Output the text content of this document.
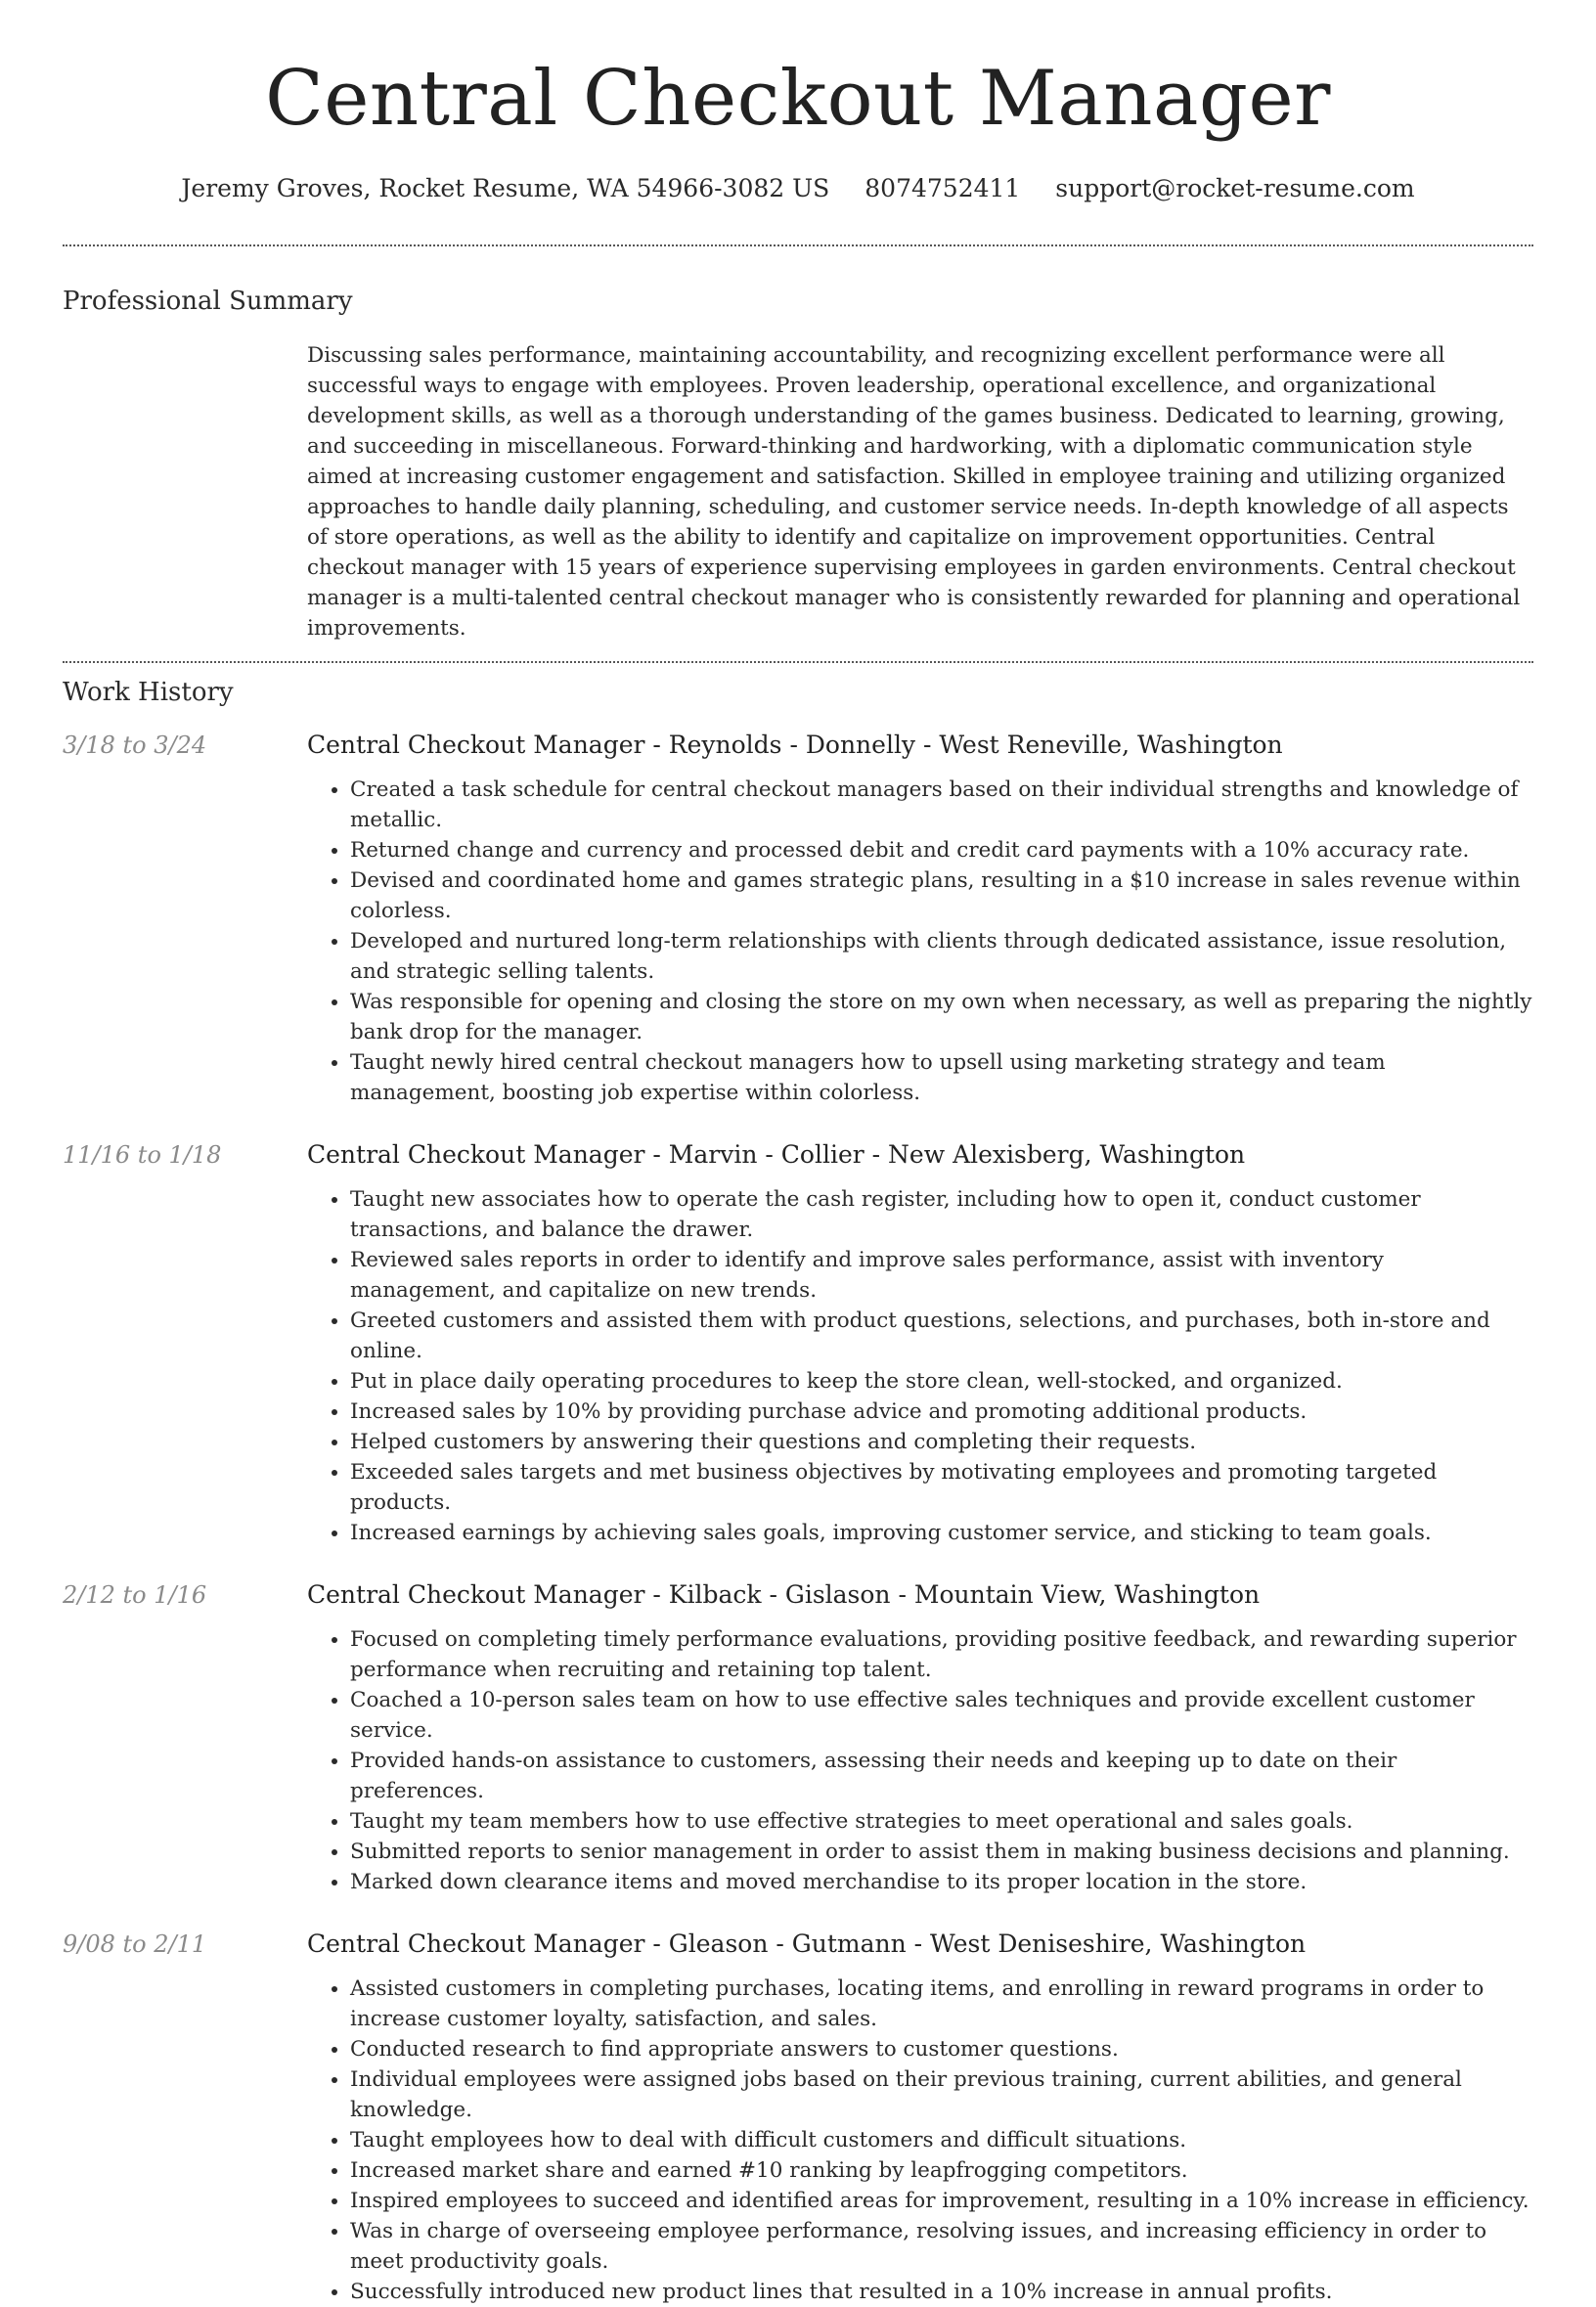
Central Checkout Manager
Jeremy Groves, Rocket Resume, WA 54966-3082 US 8074752411 support@rocket-resume.com
Professional Summary
Discussing sales performance, maintaining accountability, and recognizing excellent performance were all successful ways to engage with employees. Proven leadership, operational excellence, and organizational development skills, as well as a thorough understanding of the games business. Dedicated to learning, growing, and succeeding in miscellaneous. Forward-thinking and hardworking, with a diplomatic communication style aimed at increasing customer engagement and satisfaction. Skilled in employee training and utilizing organized approaches to handle daily planning, scheduling, and customer service needs. In-depth knowledge of all aspects of store operations, as well as the ability to identify and capitalize on improvement opportunities. Central checkout manager with 15 years of experience supervising employees in garden environments. Central checkout manager is a multi-talented central checkout manager who is consistently rewarded for planning and operational improvements.
Work History
3/18 to 3/24	Central Checkout Manager - Reynolds - Donnelly - West Reneville, Washington
• Created a task schedule for central checkout managers based on their individual strengths and knowledge of metallic.
• Returned change and currency and processed debit and credit card payments with a 10% accuracy rate.
• Devised and coordinated home and games strategic plans, resulting in a $10 increase in sales revenue within colorless.
• Developed and nurtured long-term relationships with clients through dedicated assistance, issue resolution, and strategic selling talents.
• Was responsible for opening and closing the store on my own when necessary, as well as preparing the nightly bank drop for the manager.
• Taught newly hired central checkout managers how to upsell using marketing strategy and team management, boosting job expertise within colorless.
11/16 to 1/18	Central Checkout Manager - Marvin - Collier - New Alexisberg, Washington
• Taught new associates how to operate the cash register, including how to open it, conduct customer transactions, and balance the drawer.
• Reviewed sales reports in order to identify and improve sales performance, assist with inventory management, and capitalize on new trends.
• Greeted customers and assisted them with product questions, selections, and purchases, both in-store and online.
• Put in place daily operating procedures to keep the store clean, well-stocked, and organized.
• Increased sales by 10% by providing purchase advice and promoting additional products.
• Helped customers by answering their questions and completing their requests.
• Exceeded sales targets and met business objectives by motivating employees and promoting targeted products.
• Increased earnings by achieving sales goals, improving customer service, and sticking to team goals.
2/12 to 1/16	Central Checkout Manager - Kilback - Gislason - Mountain View, Washington
• Focused on completing timely performance evaluations, providing positive feedback, and rewarding superior performance when recruiting and retaining top talent.
• Coached a 10-person sales team on how to use effective sales techniques and provide excellent customer service.
• Provided hands-on assistance to customers, assessing their needs and keeping up to date on their preferences.
• Taught my team members how to use effective strategies to meet operational and sales goals.
• Submitted reports to senior management in order to assist them in making business decisions and planning.
• Marked down clearance items and moved merchandise to its proper location in the store.
9/08 to 2/11	Central Checkout Manager - Gleason - Gutmann - West Deniseshire, Washington
• Assisted customers in completing purchases, locating items, and enrolling in reward programs in order to increase customer loyalty, satisfaction, and sales.
• Conducted research to find appropriate answers to customer questions.
• Individual employees were assigned jobs based on their previous training, current abilities, and general knowledge.
• Taught employees how to deal with difficult customers and difficult situations.
• Increased market share and earned #10 ranking by leapfrogging competitors.
• Inspired employees to succeed and identified areas for improvement, resulting in a 10% increase in efficiency.
• Was in charge of overseeing employee performance, resolving issues, and increasing efficiency in order to meet productivity goals.
• Successfully introduced new product lines that resulted in a 10% increase in annual profits.
